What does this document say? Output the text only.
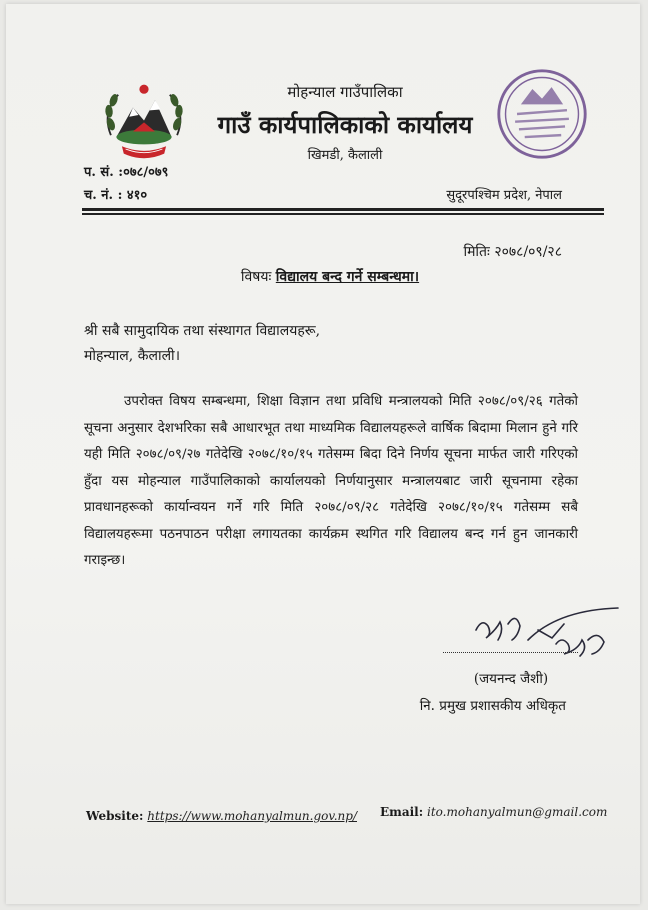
मोहन्याल गाउँपालिका
गाउँ कार्यपालिकाको कार्यालय
खिमडी, कैलाली
प. सं. :०७८/०७९
च. नं. : ४१०	सुदूरपश्चिम प्रदेश, नेपाल
मितिः २०७८/०९/२८
विषयः विद्यालय बन्द गर्ने सम्बन्धमा।
श्री सबै सामुदायिक तथा संस्थागत विद्यालयहरू,
मोहन्याल, कैलाली।
उपरोक्त विषय सम्बन्धमा, शिक्षा विज्ञान तथा प्रविधि मन्त्रालयको मिति २०७८/०९/२६ गतेको सूचना अनुसार देशभरिका सबै आधारभूत तथा माध्यमिक विद्यालयहरूले वार्षिक बिदामा मिलान हुने गरि यही मिति २०७८/०९/२७ गतेदेखि २०७८/१०/१५ गतेसम्म बिदा दिने निर्णय सूचना मार्फत जारी गरिएको हुँदा यस मोहन्याल गाउँपालिकाको कार्यालयको निर्णयानुसार मन्त्रालयबाट जारी सूचनामा रहेका प्रावधानहरूको कार्यान्वयन गर्ने गरि मिति २०७८/०९/२८ गतेदेखि २०७८/१०/१५ गतेसम्म सबै विद्यालयहरूमा पठनपाठन परीक्षा लगायतका कार्यक्रम स्थगित गरि विद्यालय बन्द गर्न हुन जानकारी गराइन्छ।
(जयनन्द जैशी)
नि. प्रमुख प्रशासकीय अधिकृत
Website: https://www.mohanyalmun.gov.np/ Email: ito.mohanyalmun@gmail.com
